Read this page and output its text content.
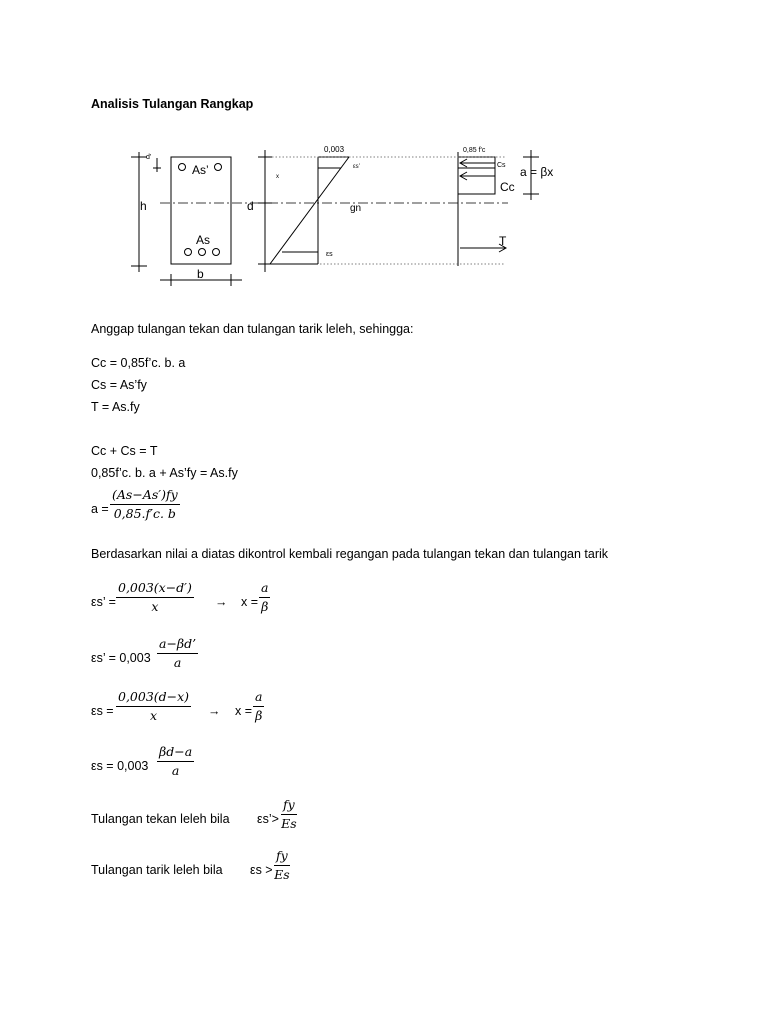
Analisis Tulangan Rangkap
d'
As’
h	d
As
b
x
0,003
εs’
gn
εs
0,85 f'c
Cs
Cc
a = βx
T
Anggap tulangan tekan dan tulangan tarik leleh, sehingga:
Cc = 0,85f’c. b. a
Cs = As’fy
T = As.fy
Cc + Cs = T
0,85f’c. b. a + As’fy = As.fy
$a = \frac{(As-As')fy}{0,85.f'c. b}$
Berdasarkan nilai a diatas dikontrol kembali regangan pada tulangan tekan dan tulangan tarik
εs’ = $\frac{0,003(x-d')}{x} \to x = \frac{a}{\beta}$
εs’ = $0,003 \frac{a-\beta d’}{a}$
$\varepsilon s = \frac{0,003(d-x)}{x} \to x = \frac{a}{\beta}$
$\varepsilon s = 0,003 \frac{\beta d-a}{a}$
Tulangan tekan leleh bila εs’> $\frac{fy}{Es}$
Tulangan tarik leleh bila $\varepsilon s > \frac{fy}{Es}$
